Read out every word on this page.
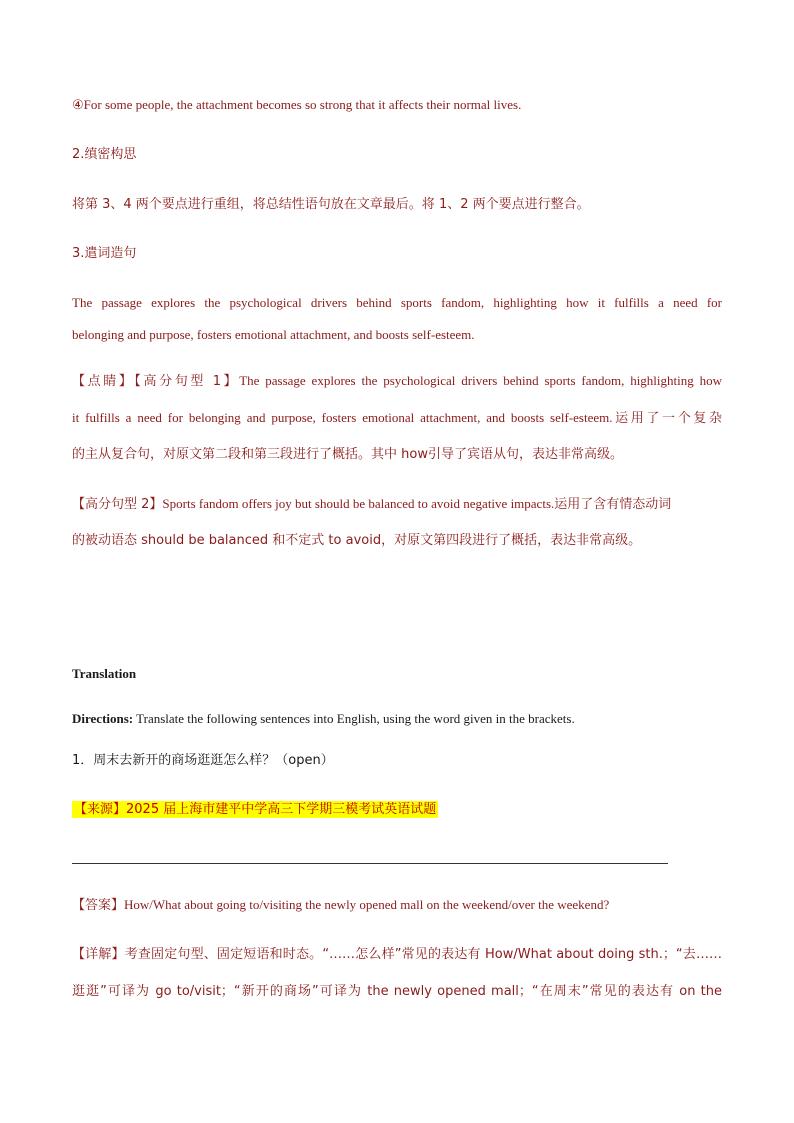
④For some people, the attachment becomes so strong that it affects their normal lives.
2.缜密构思
将第 3、4 两个要点进行重组，将总结性语句放在文章最后。将 1、2 两个要点进行整合。
3.遣词造句
The passage explores the psychological drivers behind sports fandom, highlighting how it fulfills a need for
belonging and purpose, fosters emotional attachment, and boosts self-esteem.
【点睛】【高分句型 1】The passage explores the psychological drivers behind sports fandom, highlighting how
it fulfills a need for belonging and purpose, fosters emotional attachment, and boosts self-esteem.运用了一个复杂
的主从复合句，对原文第二段和第三段进行了概括。其中 how引导了宾语从句，表达非常高级。
【高分句型 2】Sports fandom offers joy but should be balanced to avoid negative impacts.运用了含有情态动词
的被动语态 should be balanced 和不定式 to avoid，对原文第四段进行了概括，表达非常高级。
Translation
Directions: Translate the following sentences into English, using the word given in the brackets.
1．周末去新开的商场逛逛怎么样？（open）
【来源】2025 届上海市建平中学高三下学期三模考试英语试题
【答案】How/What about going to/visiting the newly opened mall on the weekend/over the weekend?
【详解】考查固定句型、固定短语和时态。“……怎么样”常见的表达有 How/What about doing sth.；“去……
逛逛”可译为 go to/visit；“新开的商场”可译为 the newly opened mall；“在周末”常见的表达有 on the
